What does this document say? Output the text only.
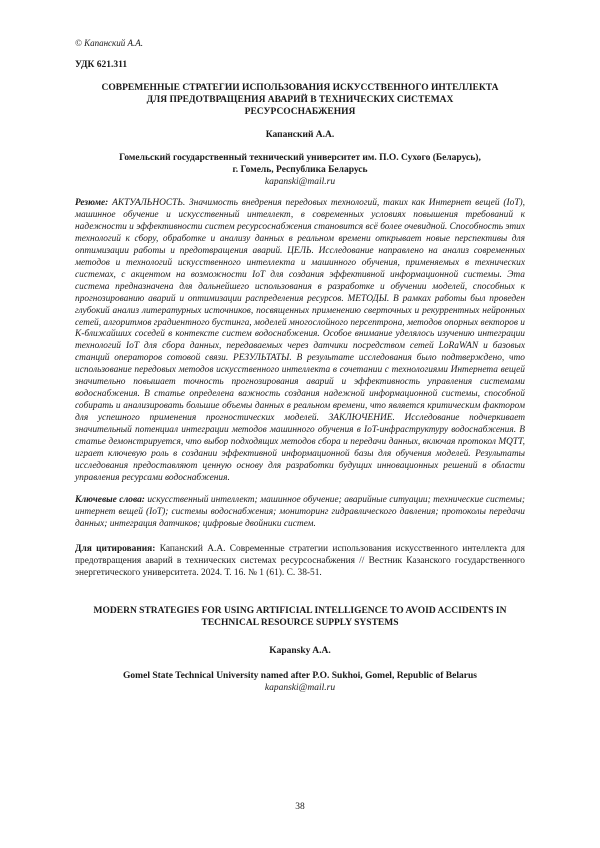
© Капанский А.А.
УДК 621.311
СОВРЕМЕННЫЕ СТРАТЕГИИ ИСПОЛЬЗОВАНИЯ ИСКУССТВЕННОГО ИНТЕЛЛЕКТА ДЛЯ ПРЕДОТВРАЩЕНИЯ АВАРИЙ В ТЕХНИЧЕСКИХ СИСТЕМАХ РЕСУРСОСНАБЖЕНИЯ
Капанский А.А.
Гомельский государственный технический университет им. П.О. Сухого (Беларусь),
г. Гомель, Республика Беларусь
kapanski@mail.ru
Резюме: АКТУАЛЬНОСТЬ. Значимость внедрения передовых технологий, таких как Интернет вещей (IoT), машинное обучение и искусственный интеллект, в современных условиях повышения требований к надежности и эффективности систем ресурсоснабжения становится всё более очевидной. Способность этих технологий к сбору, обработке и анализу данных в реальном времени открывает новые перспективы для оптимизации работы и предотвращения аварий. ЦЕЛЬ. Исследование направлено на анализ современных методов и технологий искусственного интеллекта и машинного обучения, применяемых в технических системах, с акцентом на возможности IoT для создания эффективной информационной системы. Эта система предназначена для дальнейшего использования в разработке и обучении моделей, способных к прогнозированию аварий и оптимизации распределения ресурсов. МЕТОДЫ. В рамках работы был проведен глубокий анализ литературных источников, посвященных применению сверточных и рекуррентных нейронных сетей, алгоритмов градиентного бустинга, моделей многослойного персептрона, методов опорных векторов и K-ближайших соседей в контексте систем водоснабжения. Особое внимание уделялось изучению интеграции технологий IoT для сбора данных, передаваемых через датчики посредством сетей LoRaWAN и базовых станций операторов сотовой связи. РЕЗУЛЬТАТЫ. В результате исследования было подтверждено, что использование передовых методов искусственного интеллекта в сочетании с технологиями Интернета вещей значительно повышает точность прогнозирования аварий и эффективность управления системами водоснабжения. В статье определена важность создания надежной информационной системы, способной собирать и анализировать большие объемы данных в реальном времени, что является критическим фактором для успешного применения прогностических моделей. ЗАКЛЮЧЕНИЕ. Исследование подчеркивает значительный потенциал интеграции методов машинного обучения в IoT-инфраструктуру водоснабжения. В статье демонстрируется, что выбор подходящих методов сбора и передачи данных, включая протокол MQTT, играет ключевую роль в создании эффективной информационной базы для обучения моделей. Результаты исследования предоставляют ценную основу для разработки будущих инновационных решений в области управления ресурсами водоснабжения.
Ключевые слова: искусственный интеллект; машинное обучение; аварийные ситуации; технические системы; интернет вещей (IoT); системы водоснабжения; мониторинг гидравлического давления; протоколы передачи данных; интеграция датчиков; цифровые двойники систем.
Для цитирования: Капанский А.А. Современные стратегии использования искусственного интеллекта для предотвращения аварий в технических системах ресурсоснабжения // Вестник Казанского государственного энергетического университета. 2024. Т. 16. № 1 (61). С. 38-51.
MODERN STRATEGIES FOR USING ARTIFICIAL INTELLIGENCE TO AVOID ACCIDENTS IN TECHNICAL RESOURCE SUPPLY SYSTEMS
Kapansky A.A.
Gomel State Technical University named after P.O. Sukhoi, Gomel, Republic of Belarus
kapanski@mail.ru
38
